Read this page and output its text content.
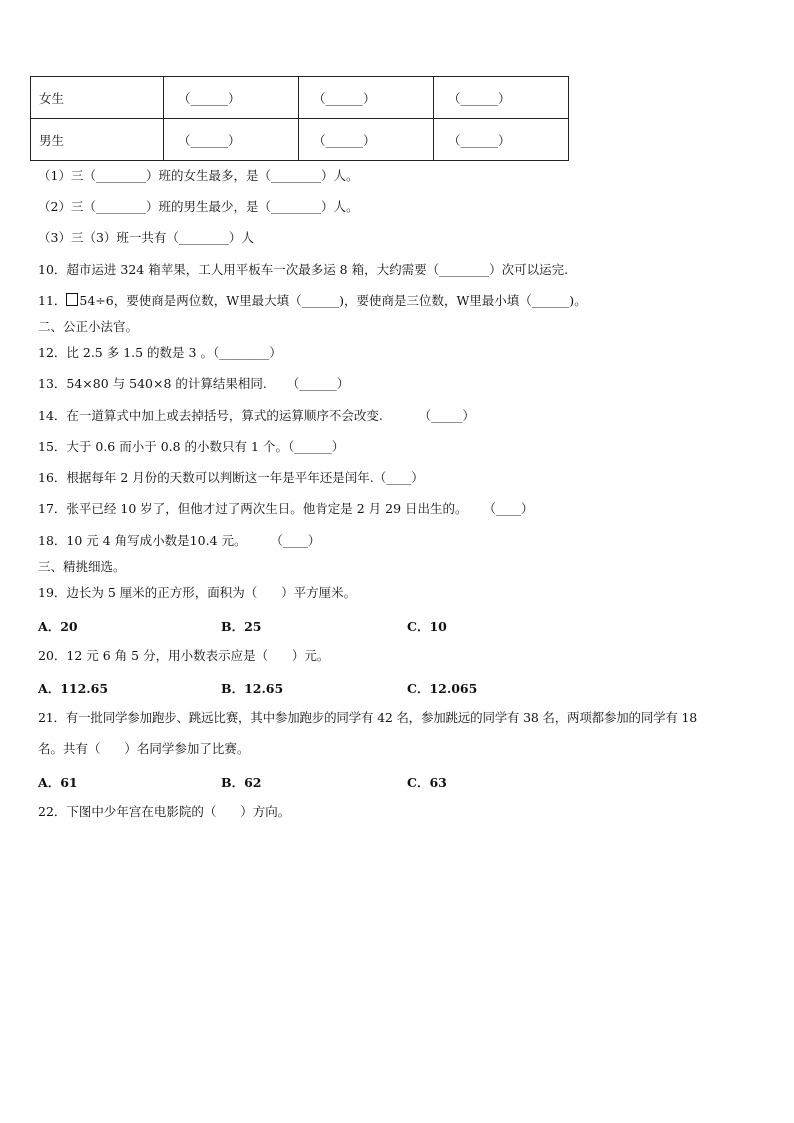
女生	（______）	（______）	（______）
男生	（______）	（______）	（______）
（1）三（________）班的女生最多，是（________）人。
（2）三（________）班的男生最少，是（________）人。
（3）三（3）班一共有（________）人
10．超市运进 324 箱苹果，工人用平板车一次最多运 8 箱，大约需要（________）次可以运完.
11． 54÷6，要使商是两位数，W里最大填（______)，要使商是三位数，W里最小填（______)。
二、公正小法官。
12．比 2.5 多 1.5 的数是 3 。（________）
13．54×80 与 540×8 的计算结果相同.     （______）
14．在一道算式中加上或去掉括号，算式的运算顺序不会改变.         （_____）
15．大于 0.6 而小于 0.8 的小数只有 1 个。（______）
16．根据每年 2 月份的天数可以判断这一年是平年还是闰年.（____）
17．张平已经 10 岁了，但他才过了两次生日。他肯定是 2 月 29 日出生的。    （____）
18．10 元 4 角写成小数是10.4 元。      （____）
三、精挑细选。
19．边长为 5 厘米的正方形，面积为（      ）平方厘米。
A．20	B．25	C．10
20．12 元 6 角 5 分，用小数表示应是（      ）元。
A．112.65	B．12.65	C．12.065
21．有一批同学参加跑步、跳远比赛，其中参加跑步的同学有 42 名，参加跳远的同学有 38 名，两项都参加的同学有 18
名。共有（      ）名同学参加了比赛。
A．61	B．62	C．63
22．下图中少年宫在电影院的（      ）方向。
